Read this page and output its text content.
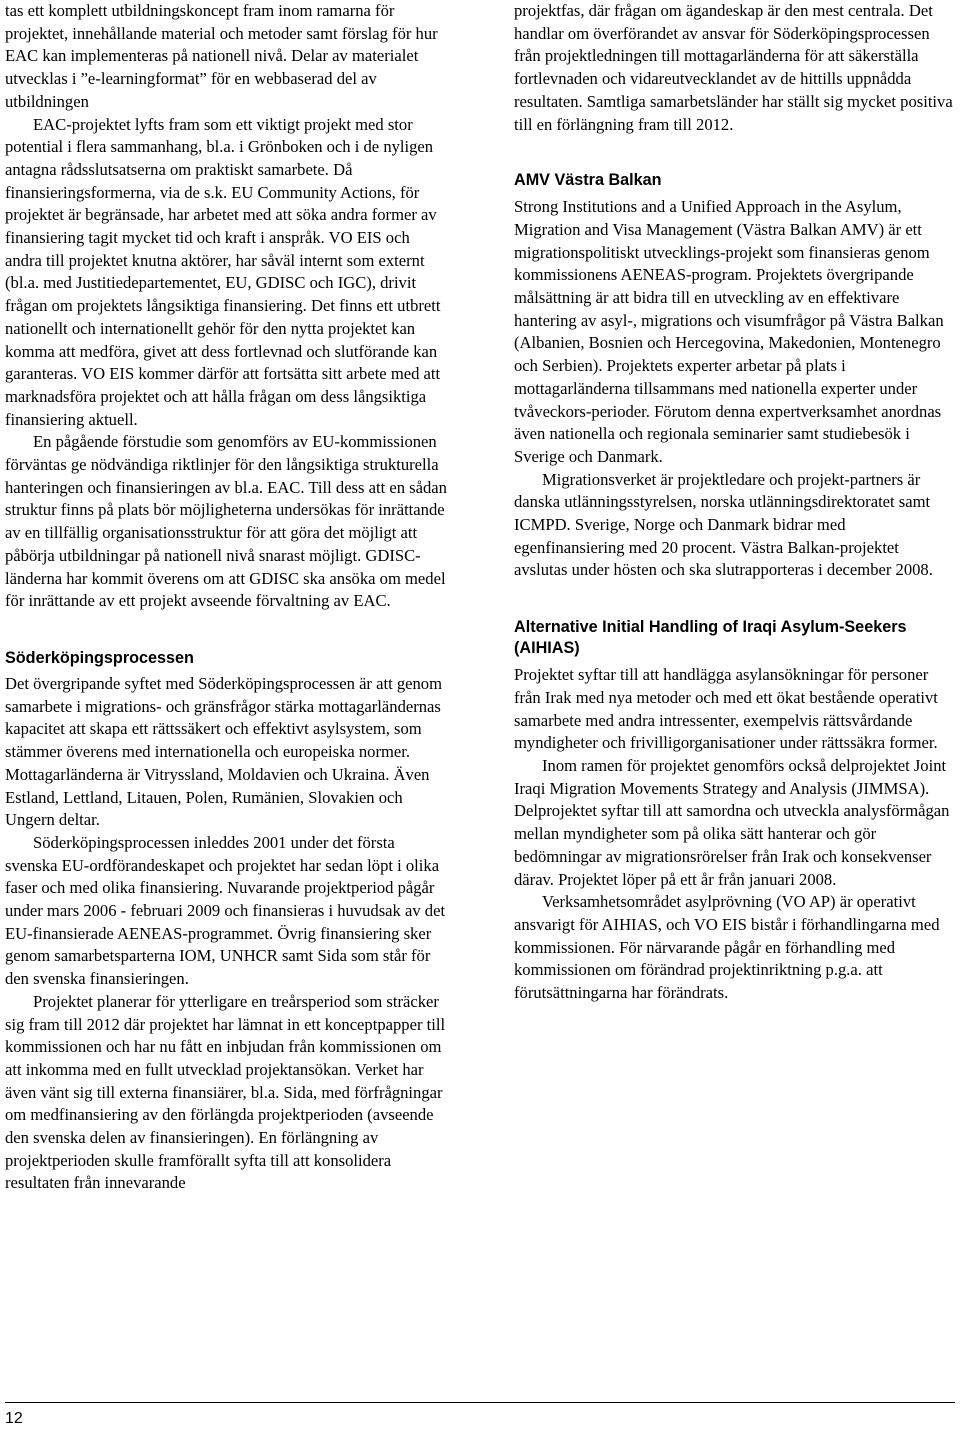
tas ett komplett utbildningskoncept fram inom ramarna för projektet, innehållande material och metoder samt förslag för hur EAC kan implementeras på nationell nivå. Delar av materialet utvecklas i ”e-learningformat” för en webbaserad del av utbildningen

EAC-projektet lyfts fram som ett viktigt projekt med stor potential i flera sammanhang, bl.a. i Grönboken och i de nyligen antagna rådsslutsatserna om praktiskt samarbete. Då finansieringsformerna, via de s.k. EU Community Actions, för projektet är begränsade, har arbetet med att söka andra former av finansiering tagit mycket tid och kraft i anspråk. VO EIS och andra till projektet knutna aktörer, har såväl internt som externt (bl.a. med Justitiedepartementet, EU, GDISC och IGC), drivit frågan om projektets långsiktiga finansiering. Det finns ett utbrett nationellt och internationellt gehör för den nytta projektet kan komma att medföra, givet att dess fortlevnad och slutförande kan garanteras. VO EIS kommer därför att fortsätta sitt arbete med att marknadsföra projektet och att hålla frågan om dess långsiktiga finansiering aktuell.

En pågående förstudie som genomförs av EU-kommissionen förväntas ge nödvändiga riktlinjer för den långsiktiga strukturella hanteringen och finansieringen av bl.a. EAC. Till dess att en sådan struktur finns på plats bör möjligheterna undersökas för inrättande av en tillfällig organisationsstruktur för att göra det möjligt att påbörja utbildningar på nationell nivå snarast möjligt. GDISC-länderna har kommit överens om att GDISC ska ansöka om medel för inrättande av ett projekt avseende förvaltning av EAC.

Söderköpingsprocessen

Det övergripande syftet med Söderköpingsprocessen är att genom samarbete i migrations- och gränsfrågor stärka mottagarländernas kapacitet att skapa ett rättssäkert och effektivt asylsystem, som stämmer överens med internationella och europeiska normer. Mottagarländerna är Vitryssland, Moldavien och Ukraina. Även Estland, Lettland, Litauen, Polen, Rumänien, Slovakien och Ungern deltar.

Söderköpingsprocessen inleddes 2001 under det första svenska EU-ordförandeskapet och projektet har sedan löpt i olika faser och med olika finansiering. Nuvarande projektperiod pågår under mars 2006 - februari 2009 och finansieras i huvudsak av det EU-finansierade AENEAS-programmet. Övrig finansiering sker genom samarbetsparterna IOM, UNHCR samt Sida som står för den svenska finansieringen.

Projektet planerar för ytterligare en treårsperiod som sträcker sig fram till 2012 där projektet har lämnat in ett konceptpapper till kommissionen och har nu fått en inbjudan från kommissionen om att inkomma med en fullt utvecklad projektansökan. Verket har även vänt sig till externa finansiärer, bl.a. Sida, med förfrågningar om medfinansiering av den förlängda projektperioden (avseende den svenska delen av finansieringen). En förlängning av projektperioden skulle framförallt syfta till att konsolidera resultaten från innevarande

projektfas, där frågan om ägandeskap är den mest centrala. Det handlar om överförandet av ansvar för Söderköpingsprocessen från projektledningen till mottagarländerna för att säkerställa fortlevnaden och vidareutvecklandet av de hittills uppnådda resultaten. Samtliga samarbetsländer har ställt sig mycket positiva till en förlängning fram till 2012.

AMV Västra Balkan

Strong Institutions and a Unified Approach in the Asylum, Migration and Visa Management (Västra Balkan AMV) är ett migrationspolitiskt utvecklings-projekt som finansieras genom kommissionens AENEAS-program. Projektets övergripande målsättning är att bidra till en utveckling av en effektivare hantering av asyl-, migrations och visumfrågor på Västra Balkan (Albanien, Bosnien och Hercegovina, Makedonien, Montenegro och Serbien). Projektets experter arbetar på plats i mottagarländerna tillsammans med nationella experter under tvåveckors-perioder. Förutom denna expertverksamhet anordnas även nationella och regionala seminarier samt studiebesök i Sverige och Danmark.

Migrationsverket är projektledare och projekt-partners är danska utlänningsstyrelsen, norska utlänningsdirektoratet samt ICMPD. Sverige, Norge och Danmark bidrar med egenfinansiering med 20 procent. Västra Balkan-projektet avslutas under hösten och ska slutrapporteras i december 2008.

Alternative Initial Handling of Iraqi Asylum-Seekers (AIHIAS)

Projektet syftar till att handlägga asylansökningar för personer från Irak med nya metoder och med ett ökat bestående operativt samarbete med andra intressenter, exempelvis rättsvårdande myndigheter och frivilligorganisationer under rättssäkra former.

Inom ramen för projektet genomförs också delprojektet Joint Iraqi Migration Movements Strategy and Analysis (JIMMSA). Delprojektet syftar till att samordna och utveckla analysförmågan mellan myndigheter som på olika sätt hanterar och gör bedömningar av migrationsrörelser från Irak och konsekvenser därav. Projektet löper på ett år från januari 2008.

Verksamhetsområdet asylprövning (VO AP) är operativt ansvarigt för AIHIAS, och VO EIS bistår i förhandlingarna med kommissionen. För närvarande pågår en förhandling med kommissionen om förändrad projektinriktning p.g.a. att förutsättningarna har förändrats.

12
